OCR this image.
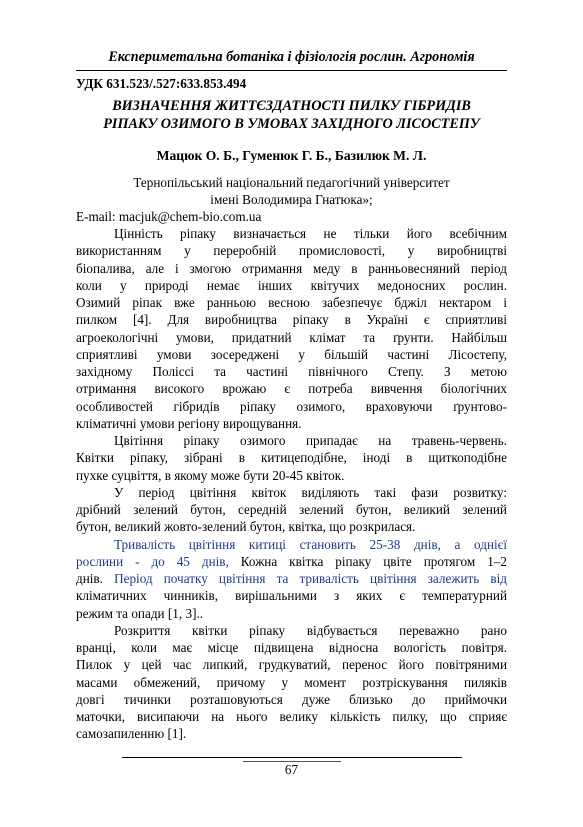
Експериметальна ботаніка і фізіологія рослин. Агрономія
УДК 631.523/.527:633.853.494
ВИЗНАЧЕННЯ ЖИТТЄЗДАТНОСТІ ПИЛКУ ГІБРИДІВ
РІПАКУ ОЗИМОГО В УМОВАХ ЗАХІДНОГО ЛІСОСТЕПУ
Мацюк О. Б., Гуменюк Г. Б., Базилюк М. Л.
Тернопільський національний педагогічний університет
імені Володимира Гнатюка»;
E-mail: macjuk@chem-bio.com.ua

Цінність ріпаку визначається не тільки його всебічним
використанням у переробній промисловості, у виробництві
біопалива, але і змогою отримання меду в ранньовесняний період
коли у природі немає інших квітучих медоносних рослин.
Озимий ріпак вже ранньою весною забезпечує бджіл нектаром і
пилком [4]. Для виробництва ріпаку в Україні є сприятливі
агроекологічні умови, придатний клімат та ґрунти. Найбільш
сприятливі умови зосереджені у більшій частині Лісостепу,
західному Поліссі та частині північного Степу. З метою
отримання високого врожаю є потреба вивчення біологічних
особливостей гібридів ріпаку озимого, враховуючи ґрунтово-
кліматичні умови регіону вирощування.

Цвітіння ріпаку озимого припадає на травень-червень.
Квітки ріпаку, зібрані в китицеподібне, іноді в щиткоподібне
пухке суцвіття, в якому може бути 20-45 квіток.

У період цвітіння квіток виділяють такі фази розвитку:
дрібний зелений бутон, середній зелений бутон, великий зелений
бутон, великий жовто-зелений бутон, квітка, що розкрилася.

Тривалість цвітіння китиці становить 25-38 днів, а однієї
рослини - до 45 днів, Кожна квітка ріпаку цвіте протягом 1–2
днів. Період початку цвітіння та тривалість цвітіння залежить від
кліматичних чинників, вирішальними з яких є температурний
режим та опади [1, 3]..

Розкриття квітки ріпаку відбувається переважно рано
вранці, коли має місце підвищена відносна вологість повітря.
Пилок у цей час липкий, грудкуватий, перенос його повітряними
масами обмежений, причому у момент розтріскування пиляків
довгі тичинки розташовуються дуже близько до приймочки
маточки, висипаючи на нього велику кількість пилку, що сприяє
самозапиленню [1].

67
